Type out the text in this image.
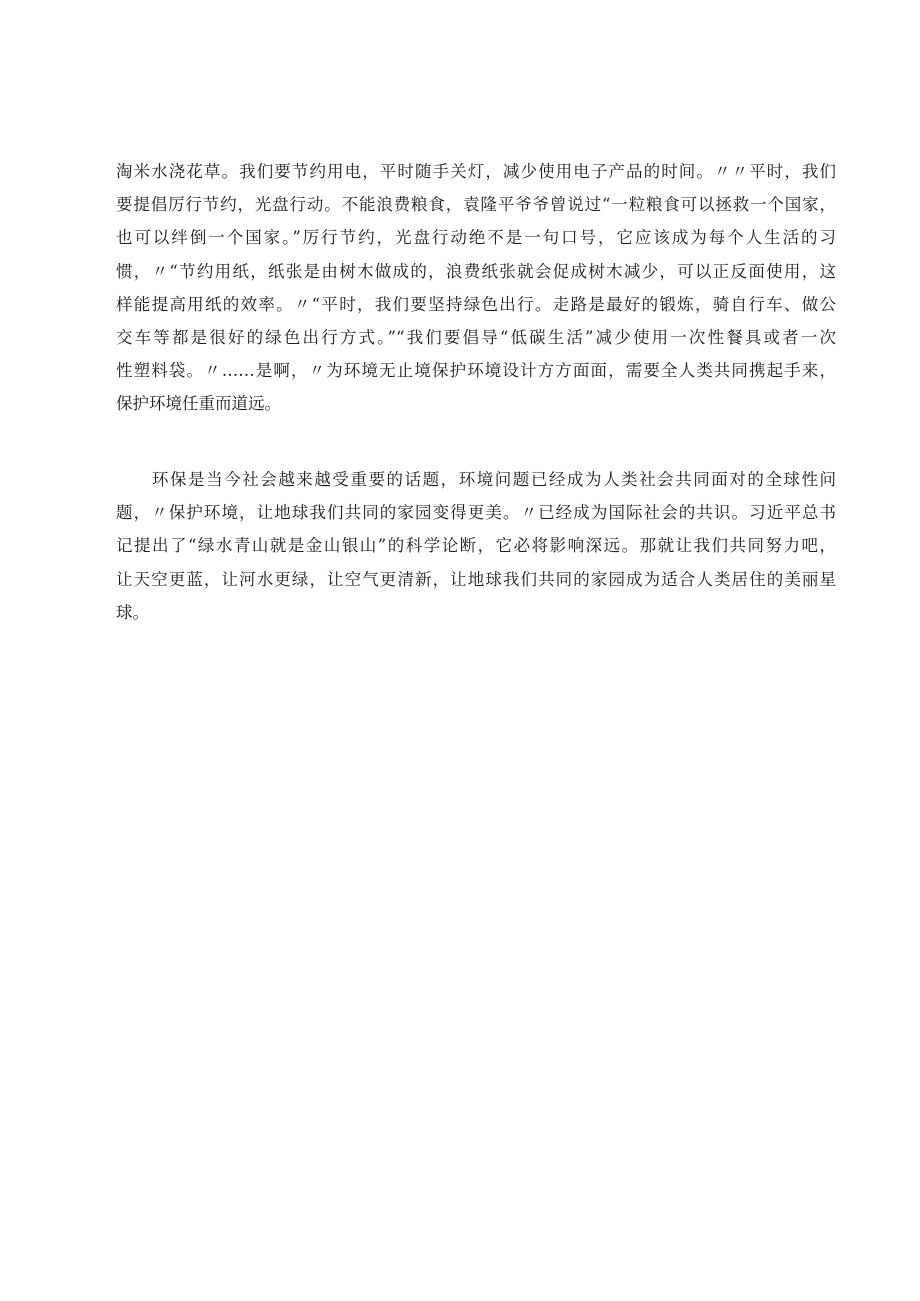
淘米水浇花草。我们要节约用电，平时随手关灯，减少使用电子产品的时间。〃〃平时，我们
要提倡厉行节约，光盘行动。不能浪费粮食，袁隆平爷爷曾说过“一粒粮食可以拯救一个国家，
也可以绊倒一个国家。”厉行节约，光盘行动绝不是一句口号，它应该成为每个人生活的习
惯，〃“节约用纸，纸张是由树木做成的，浪费纸张就会促成树木减少，可以正反面使用，这
样能提高用纸的效率。〃“平时，我们要坚持绿色出行。走路是最好的锻炼，骑自行车、做公
交车等都是很好的绿色出行方式。”“我们要倡导“低碳生活”减少使用一次性餐具或者一次
性塑料袋。〃……是啊，〃为环境无止境保护环境设计方方面面，需要全人类共同携起手来，
保护环境任重而道远。
环保是当今社会越来越受重要的话题，环境问题已经成为人类社会共同面对的全球性问
题，〃保护环境，让地球我们共同的家园变得更美。〃已经成为国际社会的共识。习近平总书
记提出了“绿水青山就是金山银山”的科学论断，它必将影响深远。那就让我们共同努力吧，
让天空更蓝，让河水更绿，让空气更清新，让地球我们共同的家园成为适合人类居住的美丽星
球。
